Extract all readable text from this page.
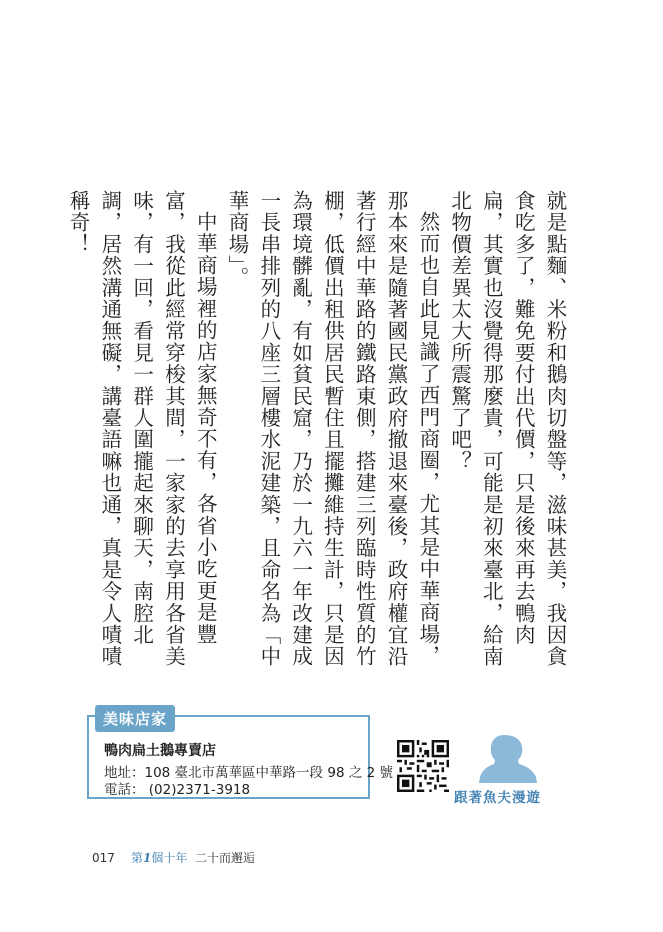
就是點麵、米粉和鵝肉切盤等，滋味甚美，我因貪食吃多了，難免要付出代價，只是後來再去鴨肉扁，其實也沒覺得那麼貴，可能是初來臺北，給南北物價差異太大所震驚了吧？

然而也自此見識了西門商圈，尤其是中華商場，那本來是隨著國民黨政府撤退來臺後，政府權宜沿著行經中華路的鐵路東側，搭建三列臨時性質的竹棚，低價出租供居民暫住且擺攤維持生計，只是因為環境髒亂，有如貧民窟，乃於一九六一年改建成一長串排列的八座三層樓水泥建築，且命名為「中華商場」。

中華商場裡的店家無奇不有，各省小吃更是豐富，我從此經常穿梭其間，一家家的去享用各省美味，有一回，看見一群人圍攏起來聊天，南腔北調，居然溝通無礙，講臺語嘛也通，真是令人嘖嘖稱奇！

美味店家
鴨肉扁土鵝專賣店
地址：108 臺北市萬華區中華路一段 98 之 2 號
電話： (02)2371-3918	跟著魚夫漫遊
017 第1個十年 二十而邂逅
